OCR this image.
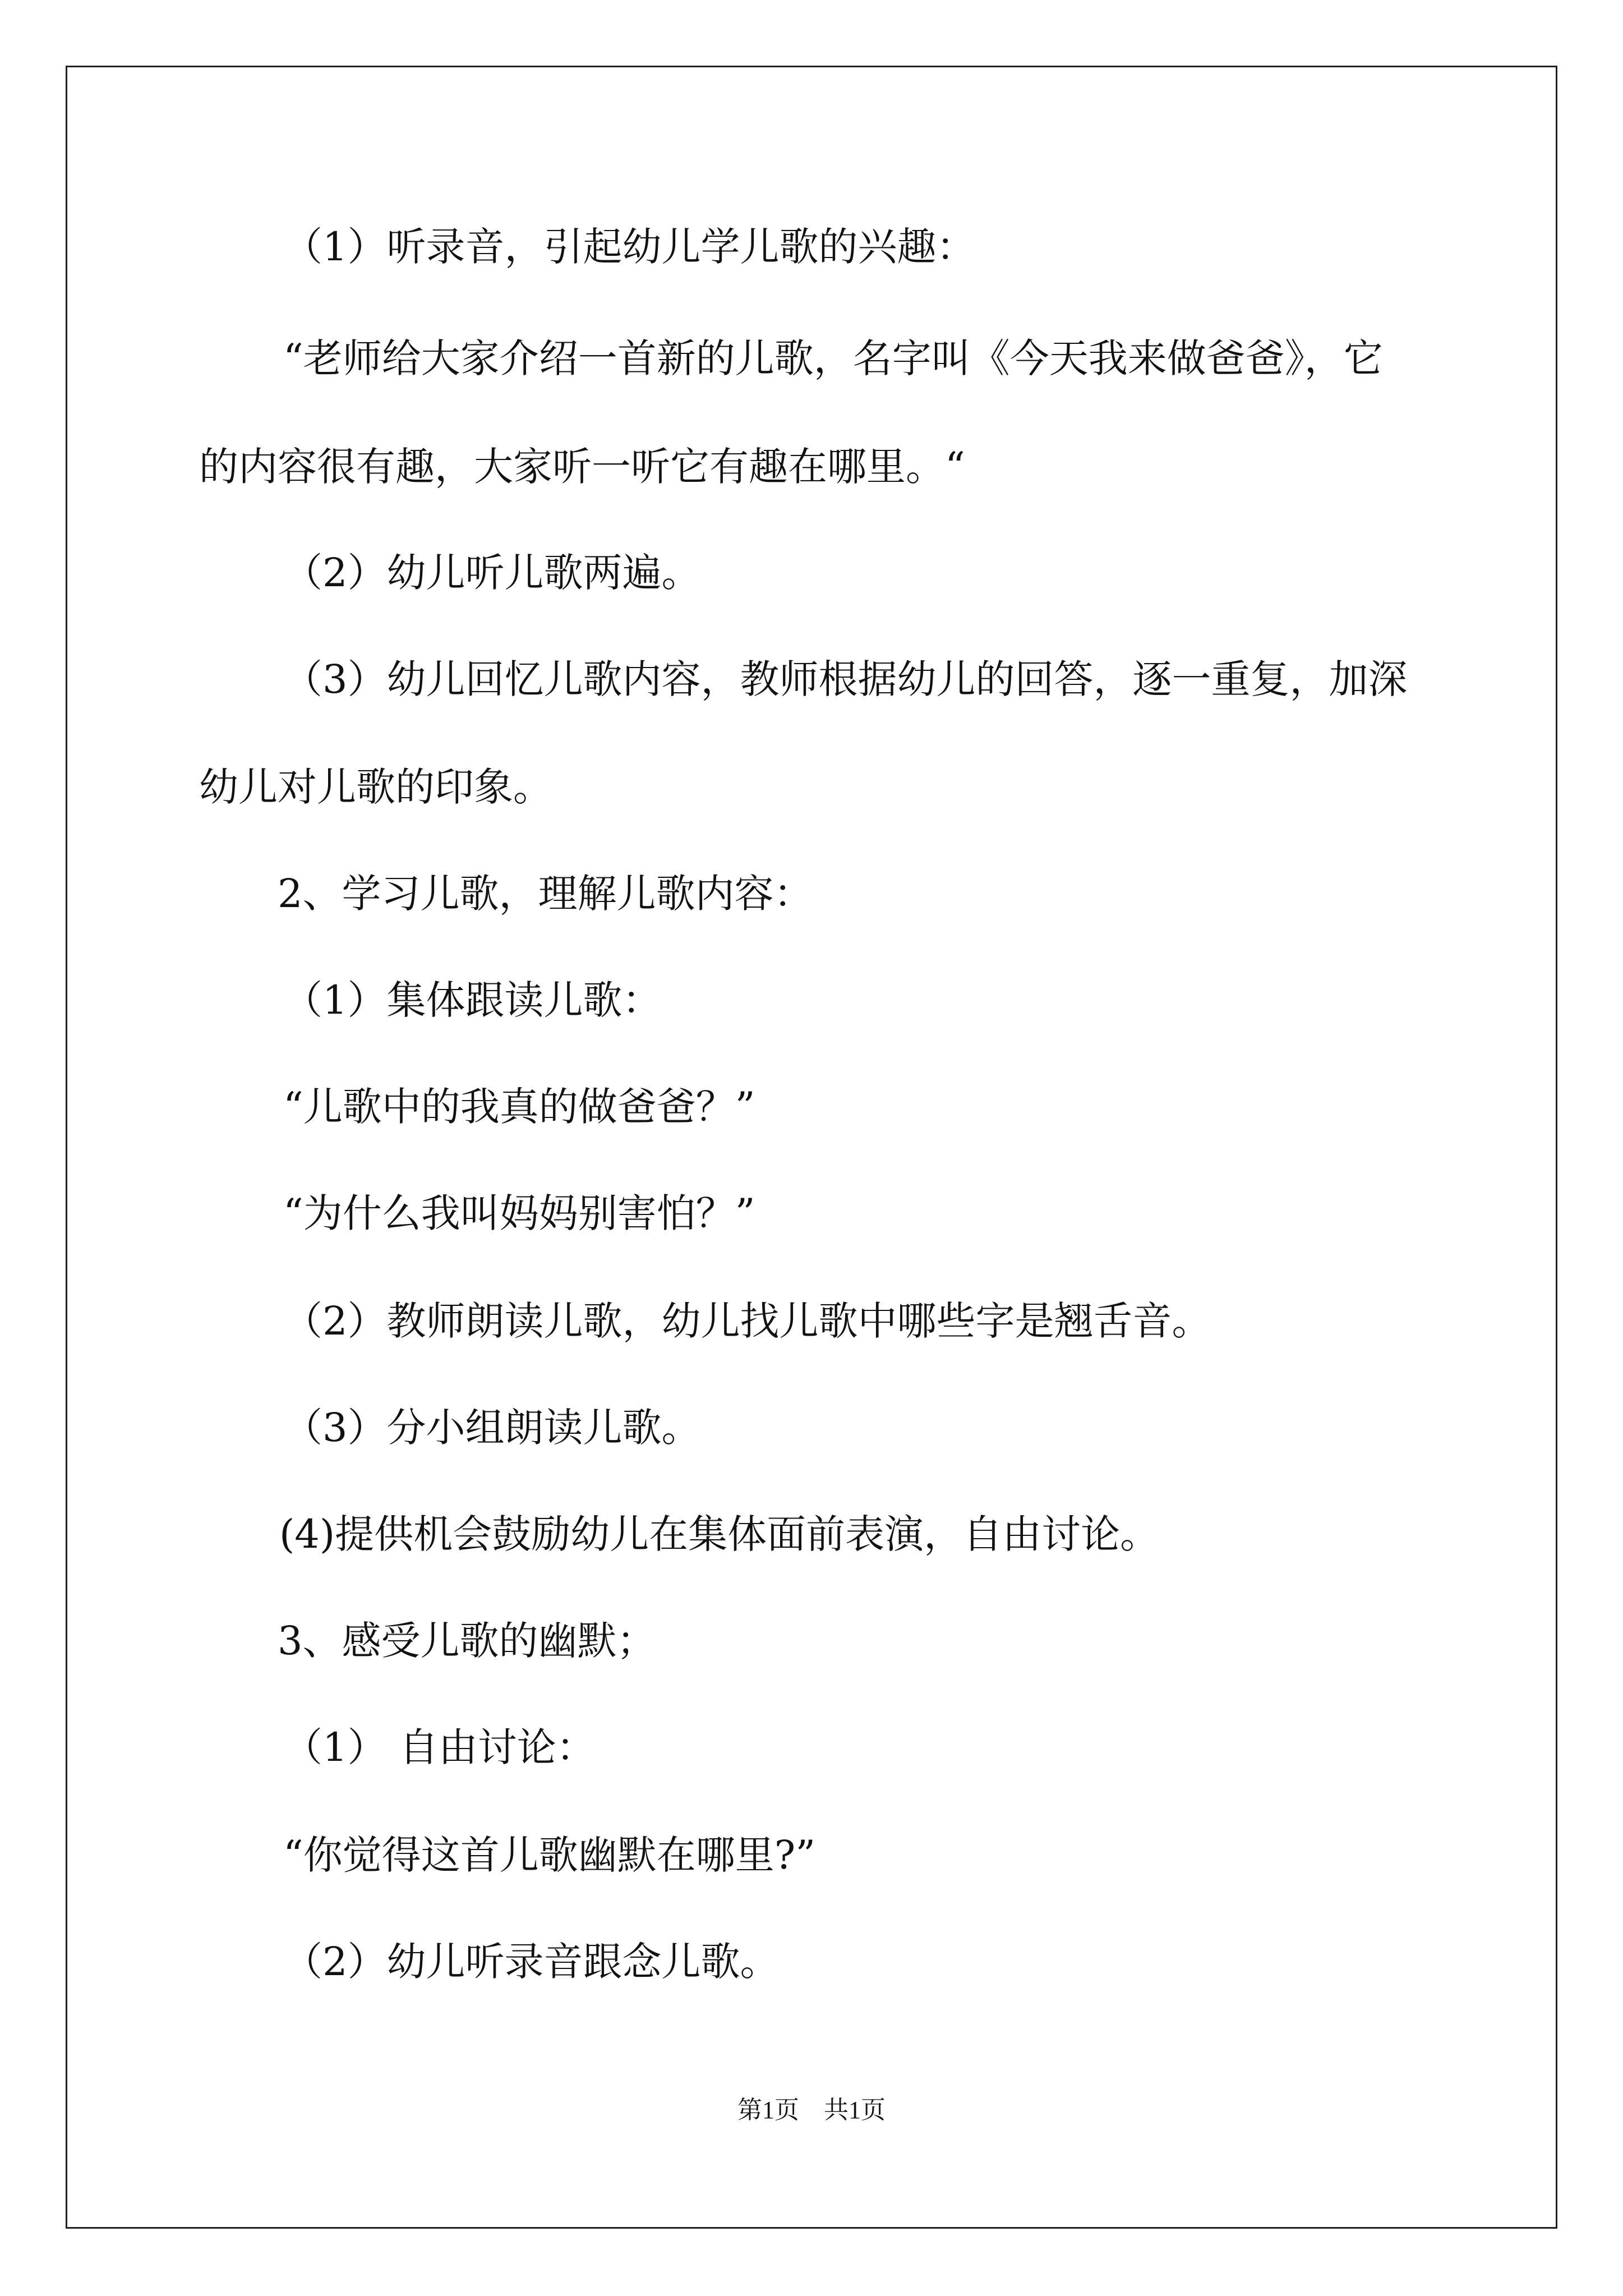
（1）听录音，引起幼儿学儿歌的兴趣：
“老师给大家介绍一首新的儿歌，名字叫《今天我来做爸爸》，它
的内容很有趣，大家听一听它有趣在哪里。“
（2）幼儿听儿歌两遍。
（3）幼儿回忆儿歌内容，教师根据幼儿的回答，逐一重复，加深
幼儿对儿歌的印象。
2、学习儿歌，理解儿歌内容：
（1）集体跟读儿歌：
“儿歌中的我真的做爸爸？”
“为什么我叫妈妈别害怕？”
（2）教师朗读儿歌，幼儿找儿歌中哪些字是翘舌音。
（3）分小组朗读儿歌。
(4)提供机会鼓励幼儿在集体面前表演，自由讨论。
3、感受儿歌的幽默；
（1） 自由讨论：
“你觉得这首儿歌幽默在哪里?”
（2）幼儿听录音跟念儿歌。
第1页　共1页
